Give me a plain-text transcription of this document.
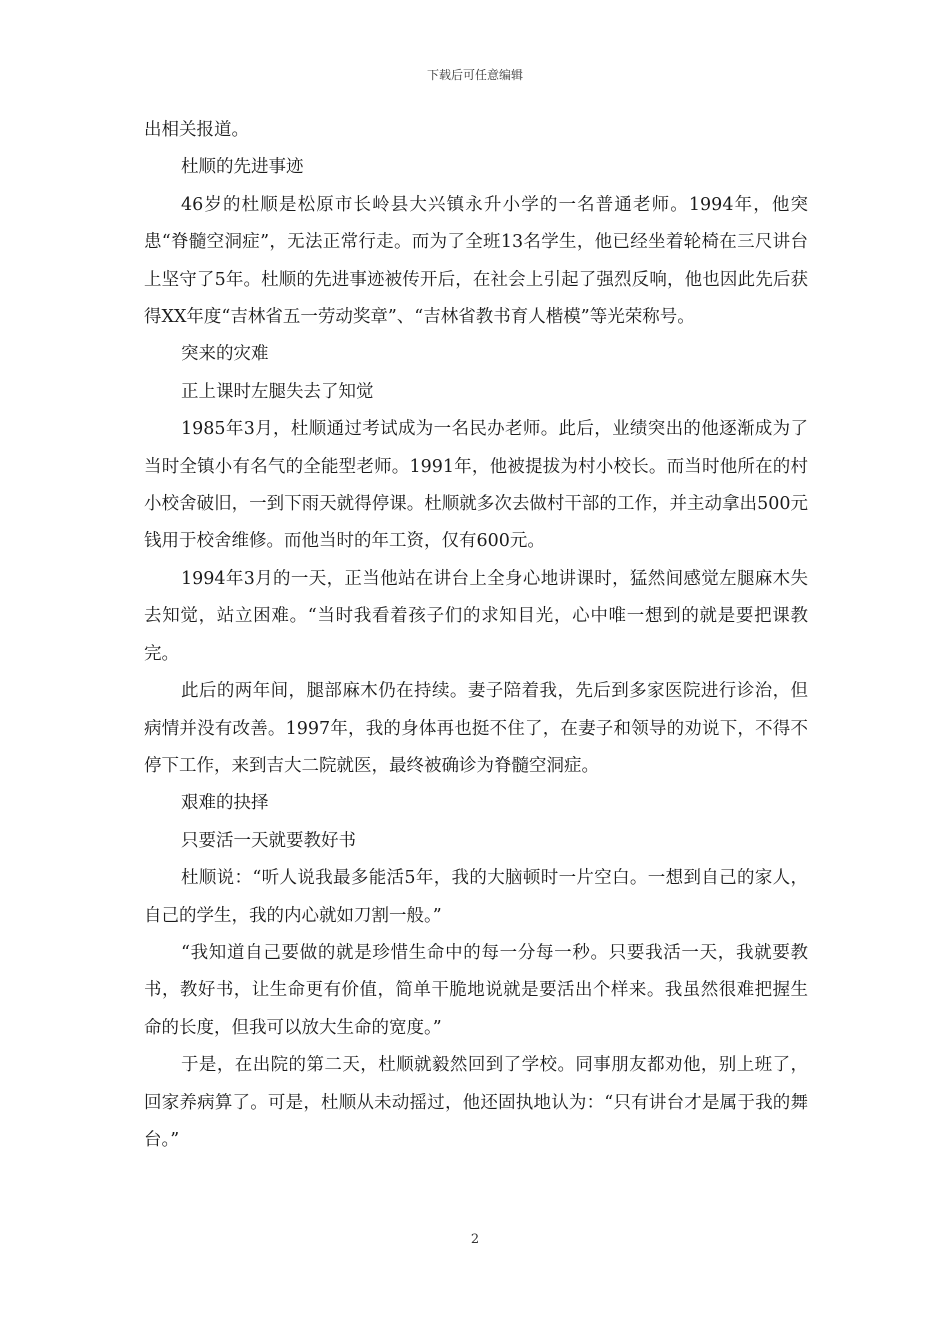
下载后可任意编辑

出相关报道。

杜顺的先进事迹

46岁的杜顺是松原市长岭县大兴镇永升小学的一名普通老师。1994年，他突患“脊髓空洞症”，无法正常行走。而为了全班13名学生，他已经坐着轮椅在三尺讲台上坚守了5年。杜顺的先进事迹被传开后，在社会上引起了强烈反响，他也因此先后获得XX年度“吉林省五一劳动奖章”、“吉林省教书育人楷模”等光荣称号。

突来的灾难

正上课时左腿失去了知觉

1985年3月，杜顺通过考试成为一名民办老师。此后，业绩突出的他逐渐成为了当时全镇小有名气的全能型老师。1991年，他被提拔为村小校长。而当时他所在的村小校舍破旧，一到下雨天就得停课。杜顺就多次去做村干部的工作，并主动拿出500元钱用于校舍维修。而他当时的年工资，仅有600元。

1994年3月的一天，正当他站在讲台上全身心地讲课时，猛然间感觉左腿麻木失去知觉，站立困难。“当时我看着孩子们的求知目光，心中唯一想到的就是要把课教完。

此后的两年间，腿部麻木仍在持续。妻子陪着我，先后到多家医院进行诊治，但病情并没有改善。1997年，我的身体再也挺不住了，在妻子和领导的劝说下，不得不停下工作，来到吉大二院就医，最终被确诊为脊髓空洞症。

艰难的抉择

只要活一天就要教好书

杜顺说：“听人说我最多能活5年，我的大脑顿时一片空白。一想到自己的家人，自己的学生，我的内心就如刀割一般。”

“我知道自己要做的就是珍惜生命中的每一分每一秒。只要我活一天，我就要教书，教好书，让生命更有价值，简单干脆地说就是要活出个样来。我虽然很难把握生命的长度，但我可以放大生命的宽度。”

于是，在出院的第二天，杜顺就毅然回到了学校。同事朋友都劝他，别上班了，回家养病算了。可是，杜顺从未动摇过，他还固执地认为：“只有讲台才是属于我的舞台。”

2
